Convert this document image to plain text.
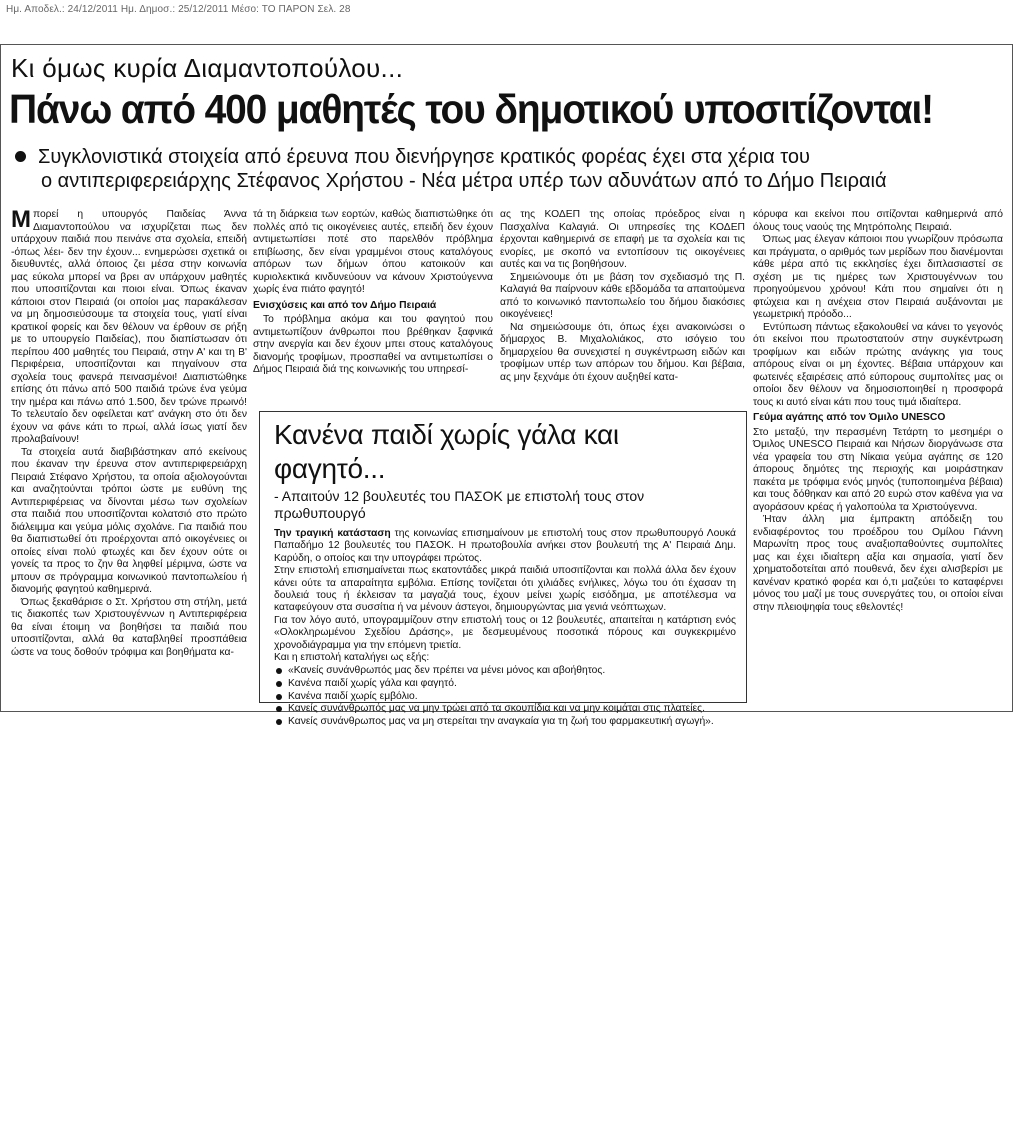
Ημ. Αποδελ.: 24/12/2011 Ημ. Δημοσ.: 25/12/2011 Μέσο: ΤΟ ΠΑΡΟΝ Σελ. 28
Κι όμως κυρία Διαμαντοπούλου...
Πάνω από 400 μαθητές του δημοτικού υποσιτίζονται!
Συγκλονιστικά στοιχεία από έρευνα που διενήργησε κρατικός φορέας έχει στα χέρια του
ο αντιπεριφερειάρχης Στέφανος Χρήστου - Νέα μέτρα υπέρ των αδυνάτων από το Δήμο Πειραιά

Μπορεί η υπουργός Παιδείας Άννα Διαμαντοπούλου να ισχυρίζεται πως δεν υπάρχουν παιδιά που πεινάνε στα σχολεία, επειδή -όπως λέει- δεν την έχουν... ενημερώσει σχετικά οι διευθυντές, αλλά όποιος ζει μέσα στην κοινωνία μας εύκολα μπορεί να βρει αν υπάρχουν μαθητές που υποσιτίζονται και ποιοι είναι. Όπως έκαναν κάποιοι στον Πειραιά (οι οποίοι μας παρακάλεσαν να μη δημοσιεύσουμε τα στοιχεία τους, γιατί είναι κρατικοί φορείς και δεν θέλουν να έρθουν σε ρήξη με το υπουργείο Παιδείας), που διαπίστωσαν ότι περίπου 400 μαθητές του Πειραιά, στην Α' και τη Β' Περιφέρεια, υποσιτίζονται και πηγαίνουν στα σχολεία τους φανερά πεινασμένοι! Διαπιστώθηκε επίσης ότι πάνω από 500 παιδιά τρώνε ένα γεύμα την ημέρα και πάνω από 1.500, δεν τρώνε πρωινό! Το τελευταίο δεν οφείλεται κατ' ανάγκη στο ότι δεν έχουν να φάνε κάτι το πρωί, αλλά ίσως γιατί δεν προλαβαίνουν!

Τα στοιχεία αυτά διαβιβάστηκαν από εκείνους που έκαναν την έρευνα στον αντιπεριφερειάρχη Πειραιά Στέφανο Χρήστου, τα οποία αξιολογούνται και αναζητούνται τρόποι ώστε με ευθύνη της Αντιπεριφέρειας να δίνονται μέσω των σχολείων στα παιδιά που υποσιτίζονται κολατσιό στο πρώτο διάλειμμα και γεύμα μόλις σχολάνε. Για παιδιά που θα διαπιστωθεί ότι προέρχονται από οικογένειες οι οποίες είναι πολύ φτωχές και δεν έχουν ούτε οι γονείς τα προς το ζην θα ληφθεί μέριμνα, ώστε να μπουν σε πρόγραμμα κοινωνικού παντοπωλείου ή διανομής φαγητού καθημερινά.

Όπως ξεκαθάρισε ο Στ. Χρήστου στη στήλη, μετά τις διακοπές των Χριστουγέννων η Αντιπεριφέρεια θα είναι έτοιμη να βοηθήσει τα παιδιά που υποσιτίζονται, αλλά θα καταβληθεί προσπάθεια ώστε να τους δοθούν τρόφιμα και βοηθήματα κα-

τά τη διάρκεια των εορτών, καθώς διαπιστώθηκε ότι πολλές από τις οικογένειες αυτές, επειδή δεν έχουν αντιμετωπίσει ποτέ στο παρελθόν πρόβλημα επιβίωσης, δεν είναι γραμμένοι στους καταλόγους απόρων των δήμων όπου κατοικούν και κυριολεκτικά κινδυνεύουν να κάνουν Χριστούγεννα χωρίς ένα πιάτο φαγητό!

Ενισχύσεις και από τον Δήμο Πειραιά

Το πρόβλημα ακόμα και του φαγητού που αντιμετωπίζουν άνθρωποι που βρέθηκαν ξαφνικά στην ανεργία και δεν έχουν μπει στους καταλόγους διανομής τροφίμων, προσπαθεί να αντιμετωπίσει ο Δήμος Πειραιά διά της κοινωνικής του υπηρεσί-

ας της ΚΟΔΕΠ της οποίας πρόεδρος είναι η Πασχαλίνα Καλαγιά. Οι υπηρεσίες της ΚΟΔΕΠ έρχονται καθημερινά σε επαφή με τα σχολεία και τις ενορίες, με σκοπό να εντοπίσουν τις οικογένειες αυτές και να τις βοηθήσουν.

Σημειώνουμε ότι με βάση τον σχεδιασμό της Π. Καλαγιά θα παίρνουν κάθε εβδομάδα τα απαιτούμενα από το κοινωνικό παντοπωλείο του δήμου διακόσιες οικογένειες!

Να σημειώσουμε ότι, όπως έχει ανακοινώσει ο δήμαρχος Β. Μιχαλολιάκος, στο ισόγειο του δημαρχείου θα συνεχιστεί η συγκέντρωση ειδών και τροφίμων υπέρ των απόρων του δήμου. Και βέβαια, ας μην ξεχνάμε ότι έχουν αυξηθεί κατα-

κόρυφα και εκείνοι που σιτίζονται καθημερινά από όλους τους ναούς της Μητρόπολης Πειραιά.

Όπως μας έλεγαν κάποιοι που γνωρίζουν πρόσωπα και πράγματα, ο αριθμός των μερίδων που διανέμονται κάθε μέρα από τις εκκλησίες έχει διπλασιαστεί σε σχέση με τις ημέρες των Χριστουγέννων του προηγούμενου χρόνου! Κάτι που σημαίνει ότι η φτώχεια και η ανέχεια στον Πειραιά αυξάνονται με γεωμετρική πρόοδο...

Εντύπωση πάντως εξακολουθεί να κάνει το γεγονός ότι εκείνοι που πρωτοστατούν στην συγκέντρωση τροφίμων και ειδών πρώτης ανάγκης για τους απόρους είναι οι μη έχοντες. Βέβαια υπάρχουν και φωτεινές εξαιρέσεις από εύπορους συμπολίτες μας οι οποίοι δεν θέλουν να δημοσιοποιηθεί η προσφορά τους κι αυτό είναι κάτι που τους τιμά ιδιαίτερα.

Γεύμα αγάπης από τον Όμιλο UNESCO

Στο μεταξύ, την περασμένη Τετάρτη το μεσημέρι ο Όμιλος UNESCO Πειραιά και Νήσων διοργάνωσε στα νέα γραφεία του στη Νίκαια γεύμα αγάπης σε 120 άπορους δημότες της περιοχής και μοιράστηκαν πακέτα με τρόφιμα ενός μηνός (τυποποιημένα βέβαια) και τους δόθηκαν και από 20 ευρώ στον καθένα για να αγοράσουν κρέας ή γαλοπούλα τα Χριστούγεννα.

Ήταν άλλη μια έμπρακτη απόδειξη του ενδιαφέροντος του προέδρου του Ομίλου Γιάννη Μαρωνίτη προς τους αναξιοπαθούντες συμπολίτες μας και έχει ιδιαίτερη αξία και σημασία, γιατί δεν χρηματοδοτείται από πουθενά, δεν έχει αλισβερίσι με κανέναν κρατικό φορέα και ό,τι μαζεύει το καταφέρνει μόνος του μαζί με τους συνεργάτες του, οι οποίοι είναι στην πλειοψηφία τους εθελοντές!

Κανένα παιδί χωρίς γάλα και φαγητό...
- Απαιτούν 12 βουλευτές του ΠΑΣΟΚ με επιστολή τους στον πρωθυπουργό

Την τραγική κατάσταση της κοινωνίας επισημαίνουν με επιστολή τους στον πρωθυπουργό Λουκά Παπαδήμο 12 βουλευτές του ΠΑΣΟΚ. Η πρωτοβουλία ανήκει στον βουλευτή της Α' Πειραιά Δημ. Καρύδη, ο οποίος και την υπογράφει πρώτος.

Στην επιστολή επισημαίνεται πως εκατοντάδες μικρά παιδιά υποσιτίζονται και πολλά άλλα δεν έχουν κάνει ούτε τα απαραίτητα εμβόλια. Επίσης τονίζεται ότι χιλιάδες ενήλικες, λόγω του ότι έχασαν τη δουλειά τους ή έκλεισαν τα μαγαζιά τους, έχουν μείνει χωρίς εισόδημα, με αποτέλεσμα να καταφεύγουν στα συσσίτια ή να μένουν άστεγοι, δημιουργώντας μια γενιά νεόπτωχων.

Για τον λόγο αυτό, υπογραμμίζουν στην επιστολή τους οι 12 βουλευτές, απαιτείται η κατάρτιση ενός «Ολοκληρωμένου Σχεδίου Δράσης», με δεσμευμένους ποσοτικά πόρους και συγκεκριμένο χρονοδιάγραμμα για την επόμενη τριετία.

Και η επιστολή καταλήγει ως εξής:

«Κανείς συνάνθρωπός μας δεν πρέπει να μένει μόνος και αβοήθητος.
Κανένα παιδί χωρίς γάλα και φαγητό.
Κανένα παιδί χωρίς εμβόλιο.
Κανείς συνάνθρωπός μας να μην τρώει από τα σκουπίδια και να μην κοιμάται στις πλατείες.
Κανείς συνάνθρωπος μας να μη στερείται την αναγκαία για τη ζωή του φαρμακευτική αγωγή».
